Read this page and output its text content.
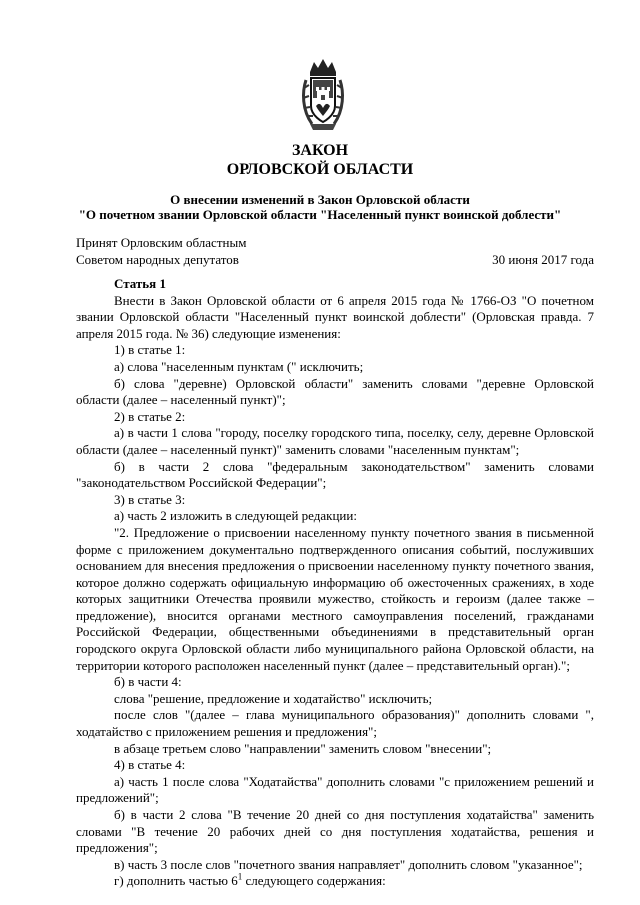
ЗАКОН
ОРЛОВСКОЙ ОБЛАСТИ
О внесении изменений в Закон Орловской области
"О почетном звании Орловской области "Населенный пункт воинской доблести"
Принят Орловским областным
Советом народных депутатов	30 июня 2017 года

Статья 1

Внести в Закон Орловской области от 6 апреля 2015 года № 1766-ОЗ "О почетном звании Орловской области "Населенный пункт воинской доблести" (Орловская правда. 7 апреля 2015 года. № 36) следующие изменения:

1) в статье 1:

а) слова "населенным пунктам (" исключить;

б) слова "деревне) Орловской области" заменить словами "деревне Орловской области (далее – населенный пункт)";

2) в статье 2:

а) в части 1 слова "городу, поселку городского типа, поселку, селу, деревне Орловской области (далее – населенный пункт)" заменить словами "населенным пунктам";

б) в части 2 слова "федеральным законодательством" заменить словами "законодательством Российской Федерации";

3) в статье 3:

а) часть 2 изложить в следующей редакции:

"2. Предложение о присвоении населенному пункту почетного звания в письменной форме с приложением документально подтвержденного описания событий, послуживших основанием для внесения предложения о присвоении населенному пункту почетного звания, которое должно содержать официальную информацию об ожесточенных сражениях, в ходе которых защитники Отечества проявили мужество, стойкость и героизм (далее также – предложение), вносится органами местного самоуправления поселений, гражданами Российской Федерации, общественными объединениями в представительный орган городского округа Орловской области либо муниципального района Орловской области, на территории которого расположен населенный пункт (далее – представительный орган).";

б) в части 4:

слова "решение, предложение и ходатайство" исключить;

после слов "(далее – глава муниципального образования)" дополнить словами ", ходатайство с приложением решения и предложения";

в абзаце третьем слово "направлении" заменить словом "внесении";

4) в статье 4:

а) часть 1 после слова "Ходатайства" дополнить словами "с приложением решений и предложений";

б) в части 2 слова "В течение 20 дней со дня поступления ходатайства" заменить словами "В течение 20 рабочих дней со дня поступления ходатайства, решения и предложения";

в) часть 3 после слов "почетного звания направляет" дополнить словом "указанное";

г) дополнить частью $6^1$ следующего содержания:
